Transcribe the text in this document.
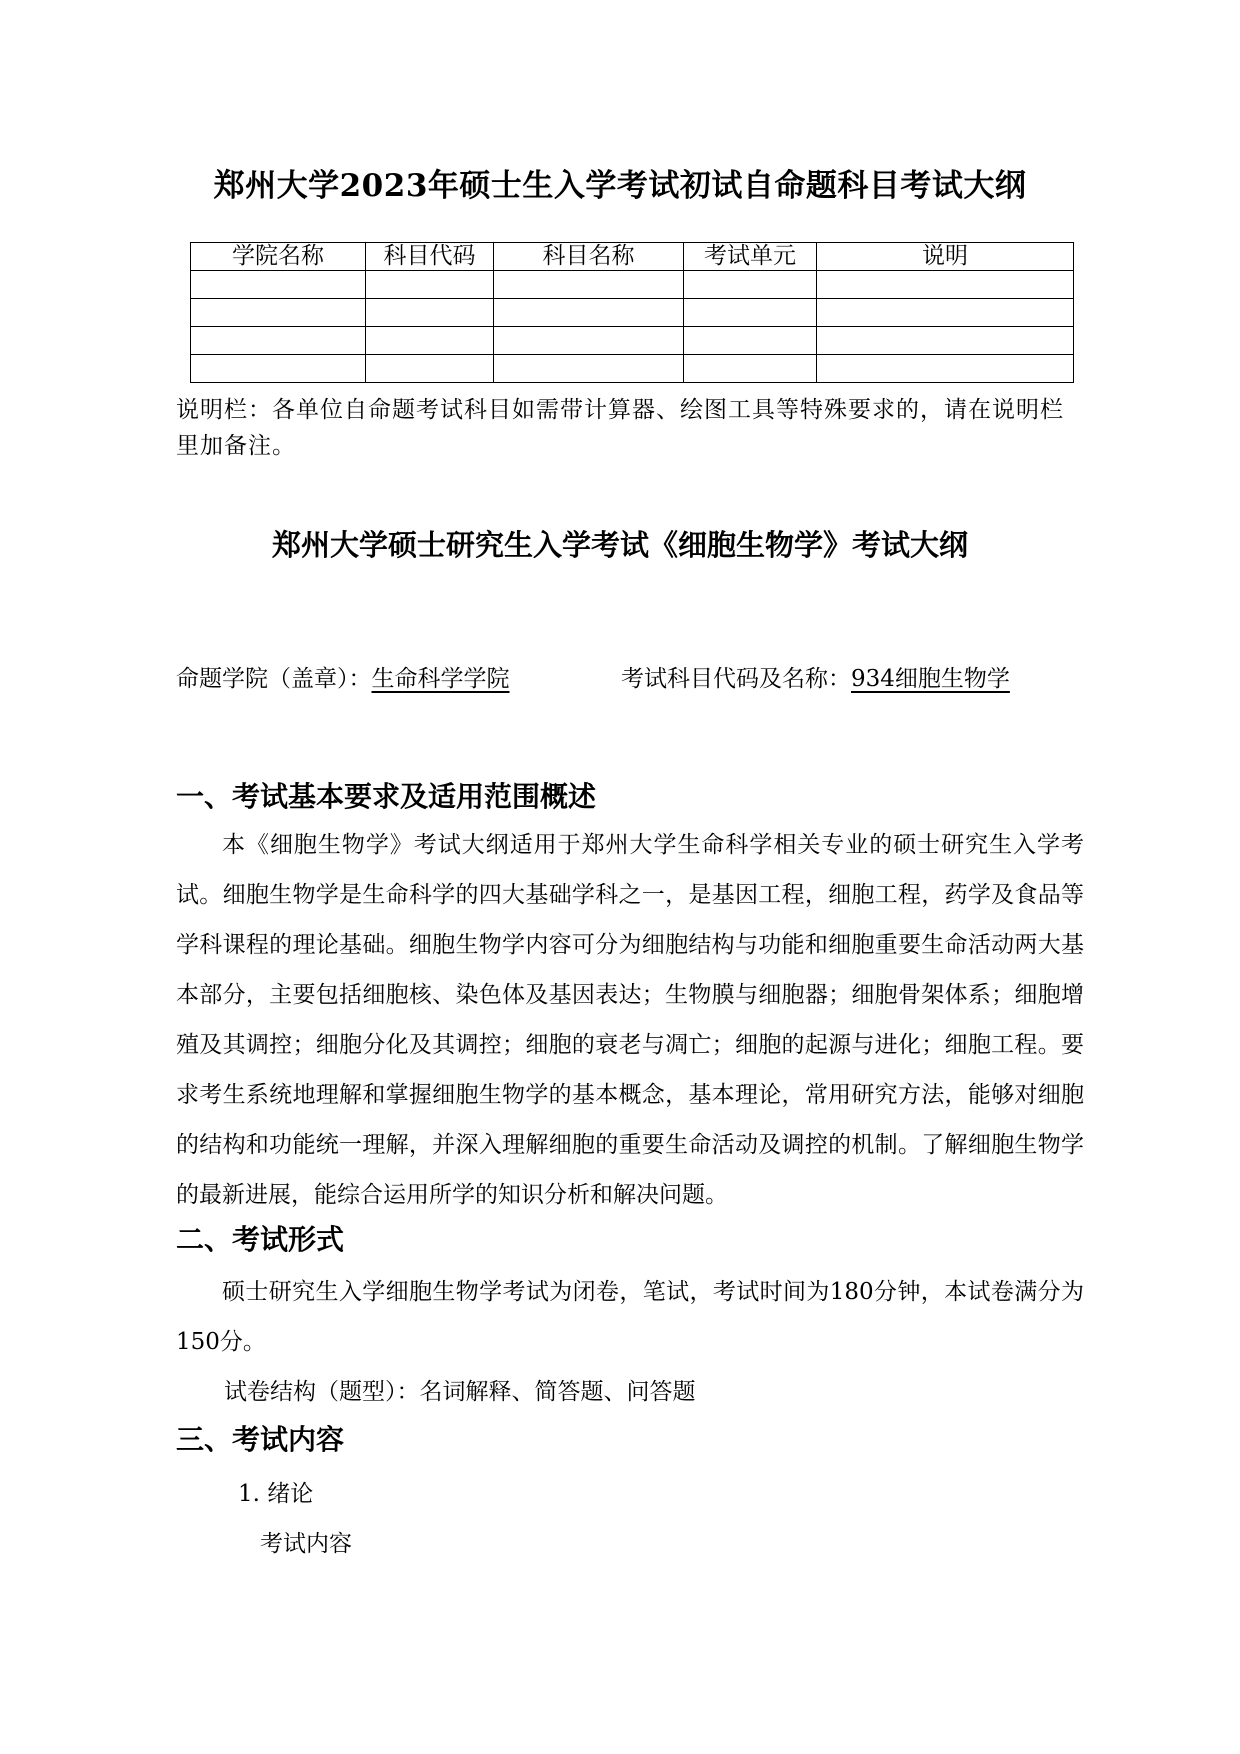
郑州大学2023年硕士生入学考试初试自命题科目考试大纲
学院名称	科目代码	科目名称	考试单元	说明

说明栏：各单位自命题考试科目如需带计算器、绘图工具等特殊要求的，请在说明栏里加备注。
郑州大学硕士研究生入学考试《细胞生物学》考试大纲
命题学院（盖章）：生命科学学院	考试科目代码及名称：934细胞生物学
一、考试基本要求及适用范围概述
本《细胞生物学》考试大纲适用于郑州大学生命科学相关专业的硕士研究生入学考试。细胞生物学是生命科学的四大基础学科之一，是基因工程，细胞工程，药学及食品等学科课程的理论基础。细胞生物学内容可分为细胞结构与功能和细胞重要生命活动两大基本部分，主要包括细胞核、染色体及基因表达；生物膜与细胞器；细胞骨架体系；细胞增殖及其调控；细胞分化及其调控；细胞的衰老与凋亡；细胞的起源与进化；细胞工程。要求考生系统地理解和掌握细胞生物学的基本概念，基本理论，常用研究方法，能够对细胞的结构和功能统一理解，并深入理解细胞的重要生命活动及调控的机制。了解细胞生物学的最新进展，能综合运用所学的知识分析和解决问题。
二、考试形式
硕士研究生入学细胞生物学考试为闭卷，笔试，考试时间为180分钟，本试卷满分为150分。
试卷结构（题型）：名词解释、简答题、问答题
三、考试内容
1. 绪论
考试内容
